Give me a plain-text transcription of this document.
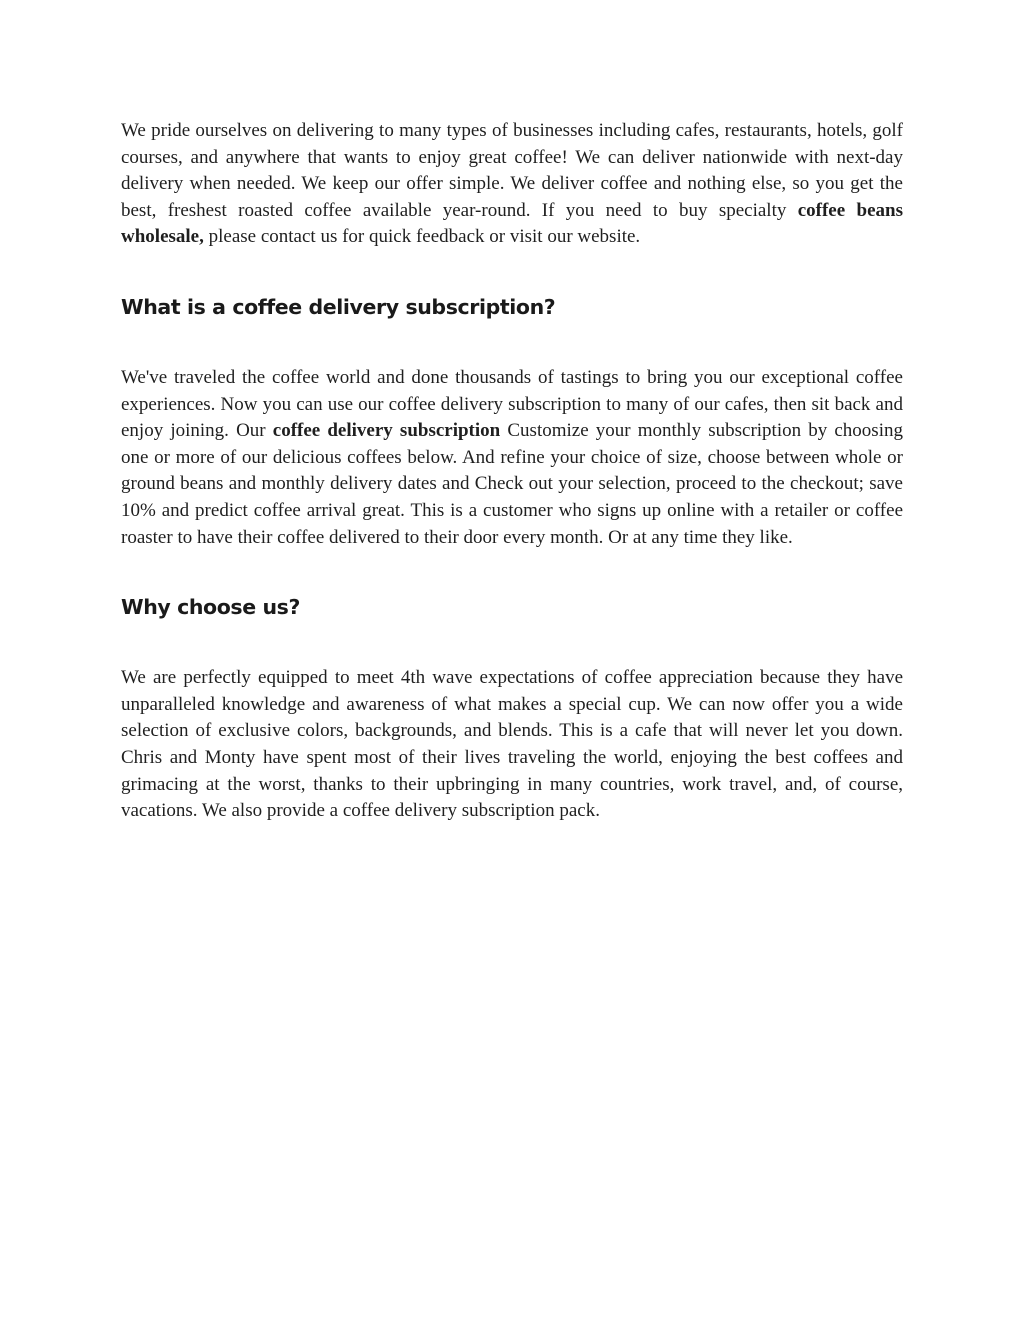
We pride ourselves on delivering to many types of businesses including cafes, restaurants, hotels, golf courses, and anywhere that wants to enjoy great coffee! We can deliver nationwide with next-day delivery when needed. We keep our offer simple. We deliver coffee and nothing else, so you get the best, freshest roasted coffee available year-round. If you need to buy specialty coffee beans wholesale, please contact us for quick feedback or visit our website.

What is a coffee delivery subscription?

We've traveled the coffee world and done thousands of tastings to bring you our exceptional coffee experiences. Now you can use our coffee delivery subscription to many of our cafes, then sit back and enjoy joining. Our coffee delivery subscription Customize your monthly subscription by choosing one or more of our delicious coffees below. And refine your choice of size, choose between whole or ground beans and monthly delivery dates and Check out your selection, proceed to the checkout; save 10% and predict coffee arrival great. This is a customer who signs up online with a retailer or coffee roaster to have their coffee delivered to their door every month. Or at any time they like.

Why choose us?

We are perfectly equipped to meet 4th wave expectations of coffee appreciation because they have unparalleled knowledge and awareness of what makes a special cup. We can now offer you a wide selection of exclusive colors, backgrounds, and blends. This is a cafe that will never let you down. Chris and Monty have spent most of their lives traveling the world, enjoying the best coffees and grimacing at the worst, thanks to their upbringing in many countries, work travel, and, of course, vacations. We also provide a coffee delivery subscription pack.
